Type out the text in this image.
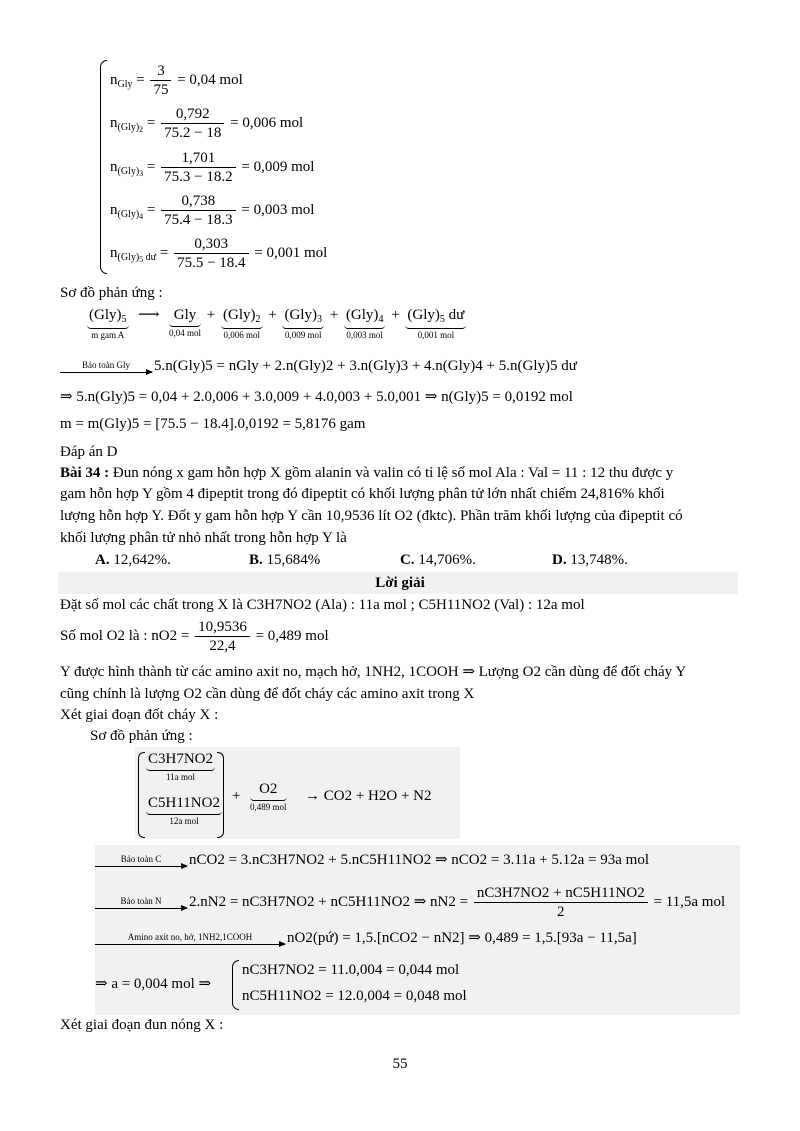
$n_{Gly} = \frac{3}{75} = 0,04$ mol
$n_{(Gly)_2} = \frac{0,792}{75.2 - 18} = 0,006$ mol
$n_{(Gly)_3} = \frac{1,701}{75.3 - 18.2} = 0,009$ mol
$n_{(Gly)_4} = \frac{0,738}{75.4 - 18.3} = 0,003$ mol
$n_{(Gly)_5 dư} = \frac{0,303}{75.5 - 18.4} = 0,001$ mol
Sơ đồ phản ứng :
$(Gly)_5$
m gam A
⟶ Gly
0,04 mol
+ $(Gly)_2$
0,006 mol
+ $(Gly)_3$
0,009 mol
+ $(Gly)_4$
0,003 mol
+ $(Gly)_5$ dư
0,001 mol
Bảo toàn Gly	5.n(Gly)5 = nGly + 2.n(Gly)2 + 3.n(Gly)3 + 4.n(Gly)4 + 5.n(Gly)5 dư
⇒ 5.n(Gly)5 = 0,04 + 2.0,006 + 3.0,009 + 4.0,003 + 5.0,001 ⇒ n(Gly)5 = 0,0192 mol
m = m(Gly)5 = [75.5 − 18.4].0,0192 = 5,8176 gam
Đáp án D
Bài 34 : Đun nóng x gam hỗn hợp X gồm alanin và valin có tỉ lệ số mol Ala : Val = 11 : 12 thu được y
gam hỗn hợp Y gồm 4 đipeptit trong đó đipeptit có khối lượng phân tử lớn nhất chiếm 24,816% khối
lượng hỗn hợp Y. Đốt y gam hỗn hợp Y cần 10,9536 lít O2 (đktc). Phần trăm khối lượng của đipeptit có
khối lượng phân tử nhỏ nhất trong hỗn hợp Y là
A. 12,642%.	B. 15,684%	C. 14,706%.	D. 13,748%.
Lời giải
Đặt số mol các chất trong X là C3H7NO2 (Ala) : 11a mol ; C5H11NO2 (Val) : 12a mol
Số mol O2 là : $nO2 = \frac{10,9536}{22,4} = 0,489$ mol
Y được hình thành từ các amino axit no, mạch hở, 1NH2, 1COOH ⇒ Lượng O2 cần dùng để đốt cháy Y
cũng chính là lượng O2 cần dùng để đốt cháy các amino axit trong X
Xét giai đoạn đốt cháy X :
Sơ đồ phản ứng :
C3H7NO2
11a mol
C5H11NO2
12a mol
+	O2
0,489 mol
→ CO2 + H2O + N2
Bảo toàn C	nCO2 = 3.nC3H7NO2 + 5.nC5H11NO2 ⇒ nCO2 = 3.11a + 5.12a = 93a mol
Bảo toàn N	2.nN2 = nC3H7NO2 + nC5H11NO2 ⇒ $nN2 = \frac{nC3H7NO2 + nC5H11NO2}{2} = 11,5a$ mol
Amino axit no, hở, 1NH2,1COOH	nO2(pứ) = 1,5.[nCO2 − nN2] ⇒ 0,489 = 1,5.[93a − 11,5a]
⇒ a = 0,004 mol ⇒
nC3H7NO2 = 11.0,004 = 0,044 mol
nC5H11NO2 = 12.0,004 = 0,048 mol
Xét giai đoạn đun nóng X :
55
